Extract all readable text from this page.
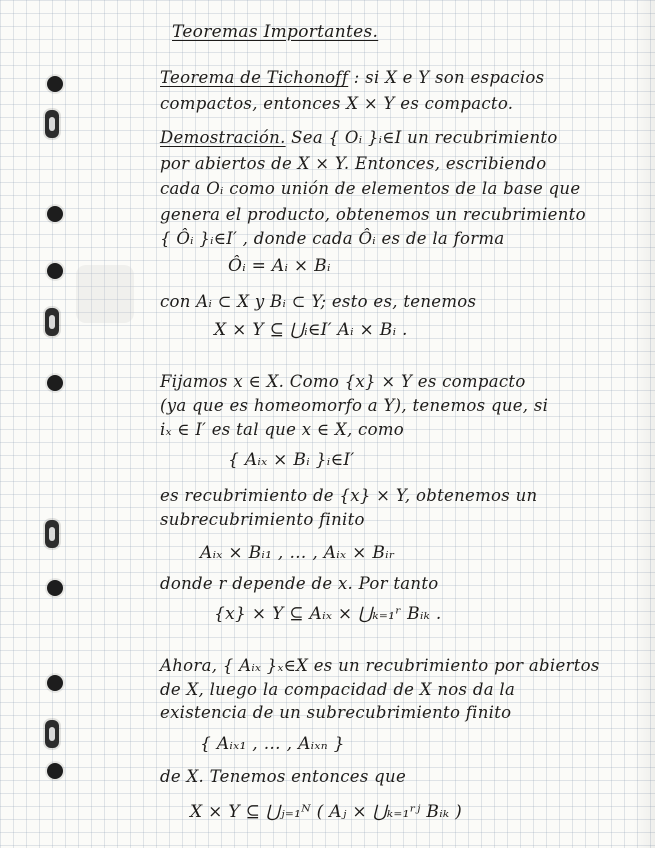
Teoremas Importantes.
Teorema de Tichonoff : si X e Y son espacios
compactos, entonces X × Y es compacto.
Demostración. Sea { Oᵢ }ᵢ∈I un recubrimiento
por abiertos de X × Y. Entonces, escribiendo
cada Oᵢ como unión de elementos de la base que
genera el producto, obtenemos un recubrimiento
{ Ôᵢ }ᵢ∈I′ , donde cada Ôᵢ es de la forma
Ôᵢ = Aᵢ × Bᵢ
con Aᵢ ⊂ X y Bᵢ ⊂ Y; esto es, tenemos
X × Y ⊆ ⋃ᵢ∈I′ Aᵢ × Bᵢ .
Fijamos x ∈ X. Como {x} × Y es compacto
(ya que es homeomorfo a Y), tenemos que, si
iₓ ∈ I′ es tal que x ∈ X, como
{ Aᵢₓ × Bᵢ }ᵢ∈I′
es recubrimiento de {x} × Y, obtenemos un
subrecubrimiento finito
Aᵢₓ × Bᵢ₁ , … , Aᵢₓ × Bᵢᵣ
donde r depende de x. Por tanto
{x} × Y ⊆ Aᵢₓ × ⋃ₖ₌₁ʳ Bᵢₖ .
Ahora, { Aᵢₓ }ₓ∈X es un recubrimiento por abiertos
de X, luego la compacidad de X nos da la
existencia de un subrecubrimiento finito
{ Aᵢₓ₁ , … , Aᵢₓₙ }
de X. Tenemos entonces que
X × Y ⊆ ⋃ⱼ₌₁ᴺ ( Aⱼ × ⋃ₖ₌₁ʳʲ Bᵢₖ )
